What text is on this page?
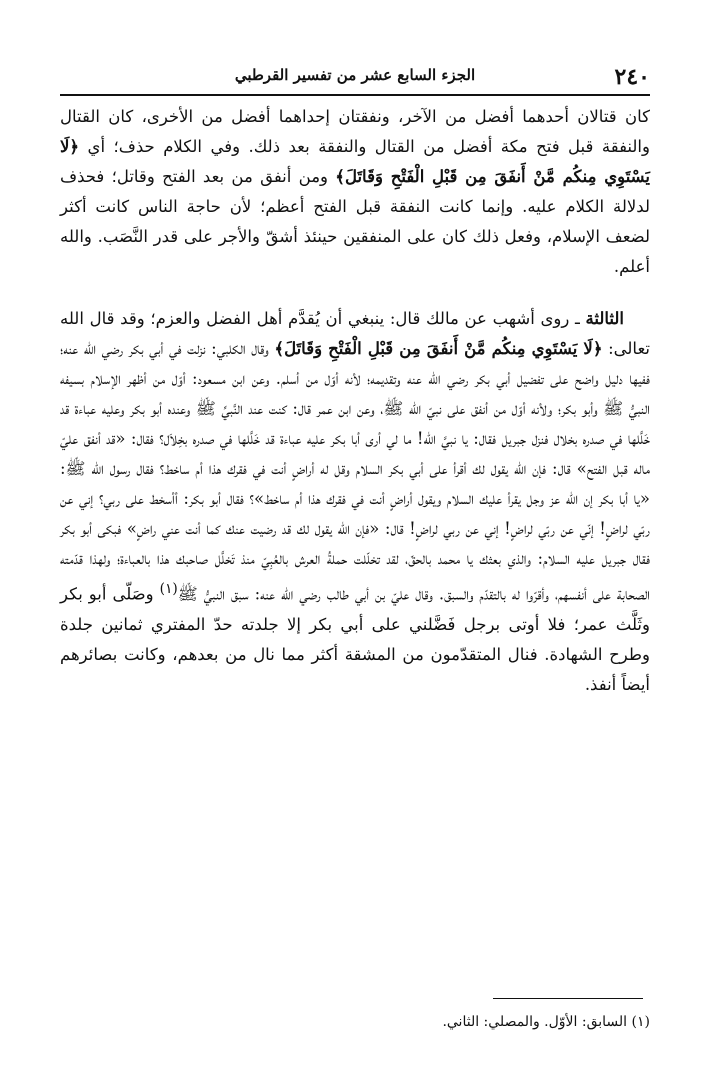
٢٤٠
الجزء السابع عشر من تفسير القرطبي

كان قتالان أحدهما أفضل من الآخر، ونفقتان إحداهما أفضل من الأخرى، كان القتال والنفقة قبل فتح مكة أفضل من القتال والنفقة بعد ذلك. وفي الكلام حذف؛ أي ﴿لَا يَسْتَوِي مِنكُم مَّنْ أَنفَقَ مِن قَبْلِ الْفَتْحِ وَقَاتَلَ﴾ ومن أنفق من بعد الفتح وقاتل؛ فحذف لدلالة الكلام عليه. وإنما كانت النفقة قبل الفتح أعظم؛ لأن حاجة الناس كانت أكثر لضعف الإسلام، وفعل ذلك كان على المنفقين حينئذ أشقّ والأجر على قدر النَّصَب. والله أعلم.

الثالثة ـ روى أشهب عن مالك قال: ينبغي أن يُقدَّم أهل الفضل والعزم؛ وقد قال الله تعالى: ﴿لَا يَسْتَوِي مِنكُم مَّنْ أَنفَقَ مِن قَبْلِ الْفَتْحِ وَقَاتَلَ﴾ وقال الكلبي: نزلت في أبي بكر رضي الله عنه؛ ففيها دليل واضح على تفضيل أبي بكر رضي الله عنه وتقديمه؛ لأنه أوّل من أسلم. وعن ابن مسعود: أوّل من أظهر الإسلام بسيفه النبيُّ ﷺ وأبو بكر؛ ولأنه أوّل من أنفق على نبيّ الله ﷺ، وعن ابن عمر قال: كنت عند النَّبيِّ ﷺ وعنده أبو بكر وعليه عباءة قد خَلَّلها في صدره بخلال فنزل جبريل فقال: يا نبيَّ الله! ما لي أرى أبا بكر عليه عباءة قد خَلَّلها في صدره بخِلاَل؟ فقال: «قد أنفق عليّ ماله قبل الفتح» قال: فإن الله يقول لك أقرأ على أبي بكر السلام وقل له أراضٍ أنت في فقرك هذا أم ساخط؟ فقال رسول الله ﷺ: «يا أبا بكر إن الله عز وجل يقرأ عليك السلام ويقول أراضٍ أنت في فقرك هذا أم ساخط»؟ فقال أبو بكر: أأسخط على ربي؟ إني عن ربّي لراضٍ! إنّي عن ربّي لراضٍ! إني عن ربي لراضٍ! قال: «فإن الله يقول لك قد رضيت عنك كما أنت عني راضٍ» فبكى أبو بكر فقال جبريل عليه السلام: والذي بعثك يا محمد بالحقّ، لقد تخلّلت حملةُ العرش بالعُبِيّ منذ تَخلَّل صاحبك هذا بالعباءة؛ ولهذا قدّمته الصحابة على أنفسهم، وأقرّوا له بالتقدّم والسبق. وقال عليّ بن أبي طالب رضي الله عنه: سبق النبيُّ ﷺ$^{(١)}$ وصَلّى أبو بكر وثَلَّث عمر؛ فلا أوتى برجل فَضَّلني على أبي بكر إلا جلدته حدّ المفتري ثمانين جلدة وطرح الشهادة. فنال المتقدّمون من المشقة أكثر مما نال من بعدهم، وكانت بصائرهم أيضاً أنفذ.

(١) السابق: الأوّل. والمصلي: الثاني.
